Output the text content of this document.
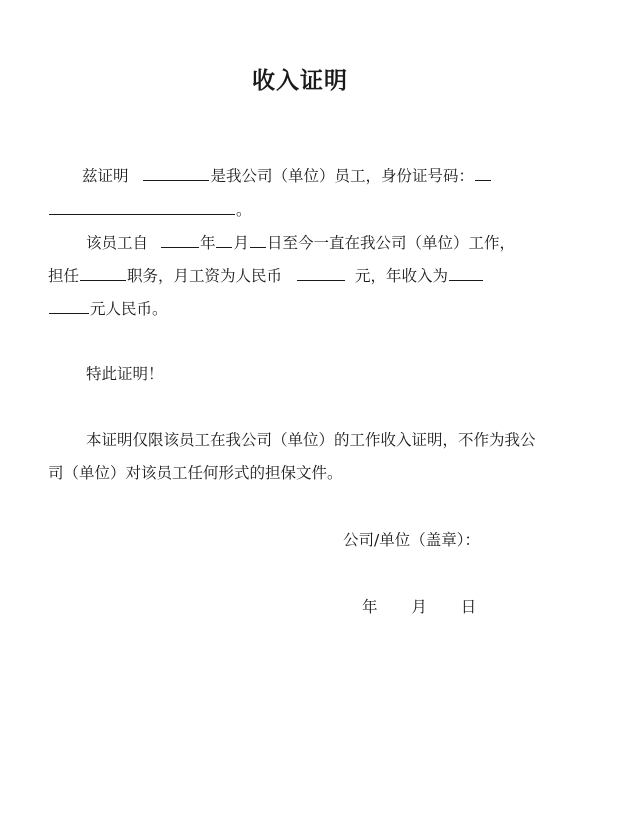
收入证明
兹证明	是我公司（单位）员工，身份证号码：
。
该员工自	年 月 日至今一直在我公司（单位）工作，
担任	职务，月工资为人民币	元，年收入为
元人民币。
特此证明！
本证明仅限该员工在我公司（单位）的工作收入证明，不作为我公
司（单位）对该员工任何形式的担保文件。
公司/单位（盖章）：
年 月 日
